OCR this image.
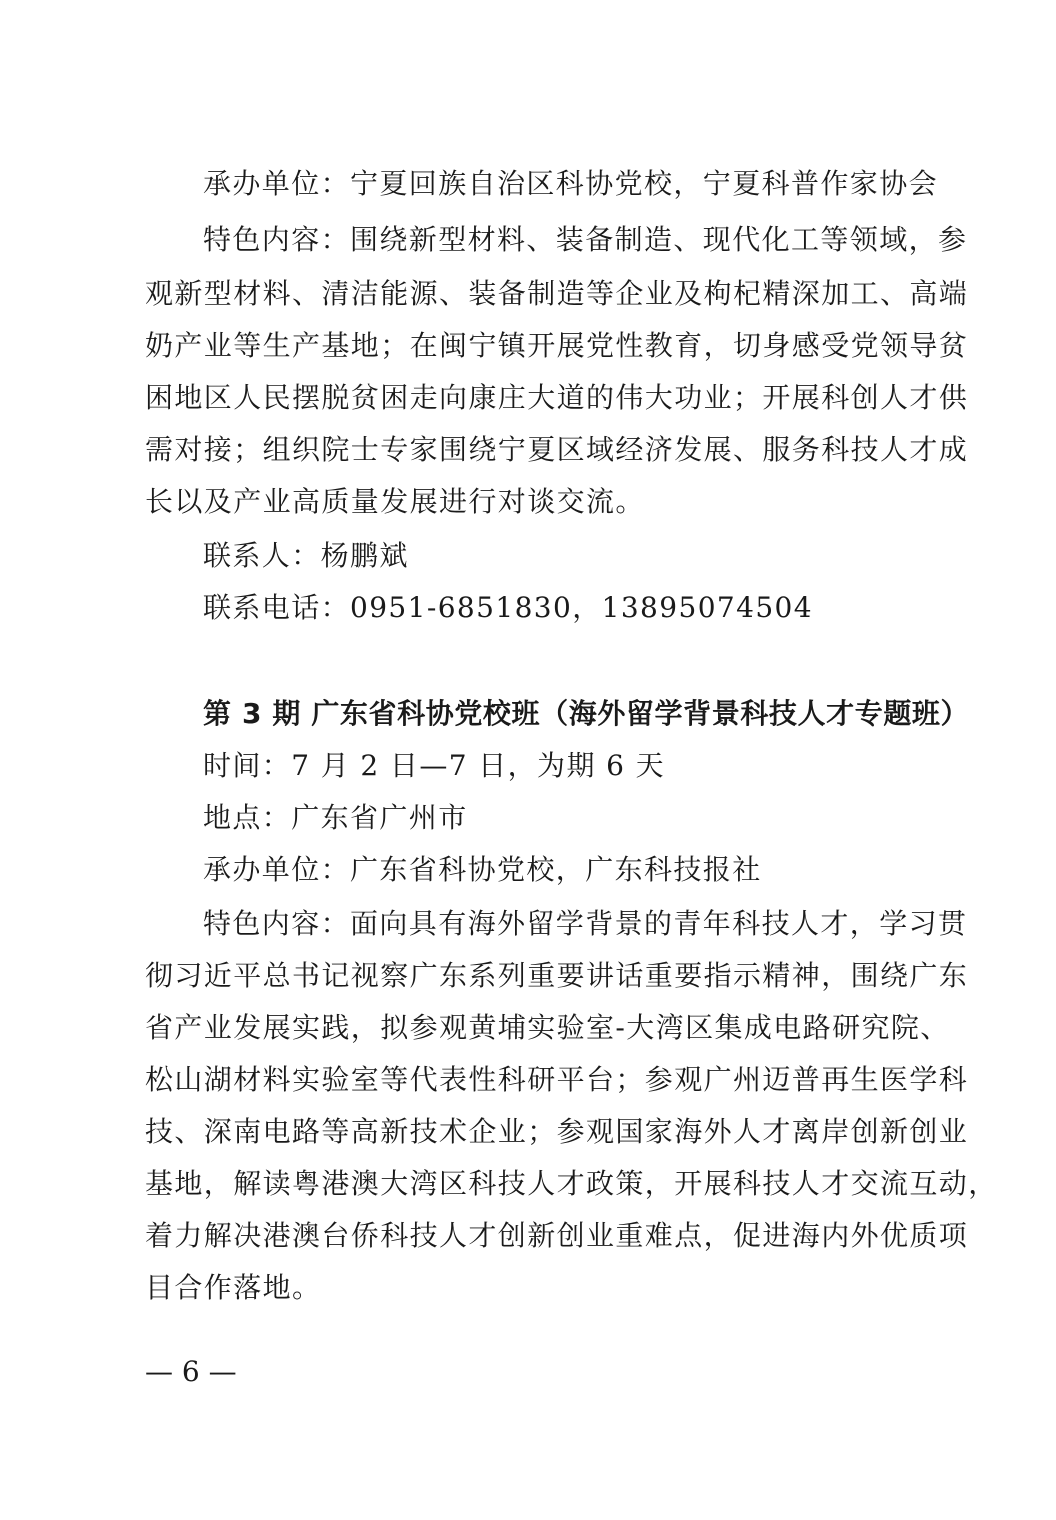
承办单位：宁夏回族自治区科协党校，宁夏科普作家协会
特色内容：围绕新型材料、装备制造、现代化工等领域，参
观新型材料、清洁能源、装备制造等企业及枸杞精深加工、高端
奶产业等生产基地；在闽宁镇开展党性教育，切身感受党领导贫
困地区人民摆脱贫困走向康庄大道的伟大功业；开展科创人才供
需对接；组织院士专家围绕宁夏区域经济发展、服务科技人才成
长以及产业高质量发展进行对谈交流。
联系人：杨鹏斌
联系电话：0951-6851830，13895074504
第 3 期 广东省科协党校班（海外留学背景科技人才专题班）
时间：7 月 2 日—7 日，为期 6 天
地点：广东省广州市
承办单位：广东省科协党校，广东科技报社
特色内容：面向具有海外留学背景的青年科技人才，学习贯
彻习近平总书记视察广东系列重要讲话重要指示精神，围绕广东
省产业发展实践，拟参观黄埔实验室-大湾区集成电路研究院、
松山湖材料实验室等代表性科研平台；参观广州迈普再生医学科
技、深南电路等高新技术企业；参观国家海外人才离岸创新创业
基地，解读粤港澳大湾区科技人才政策，开展科技人才交流互动，
着力解决港澳台侨科技人才创新创业重难点，促进海内外优质项
目合作落地。
— 6 —
